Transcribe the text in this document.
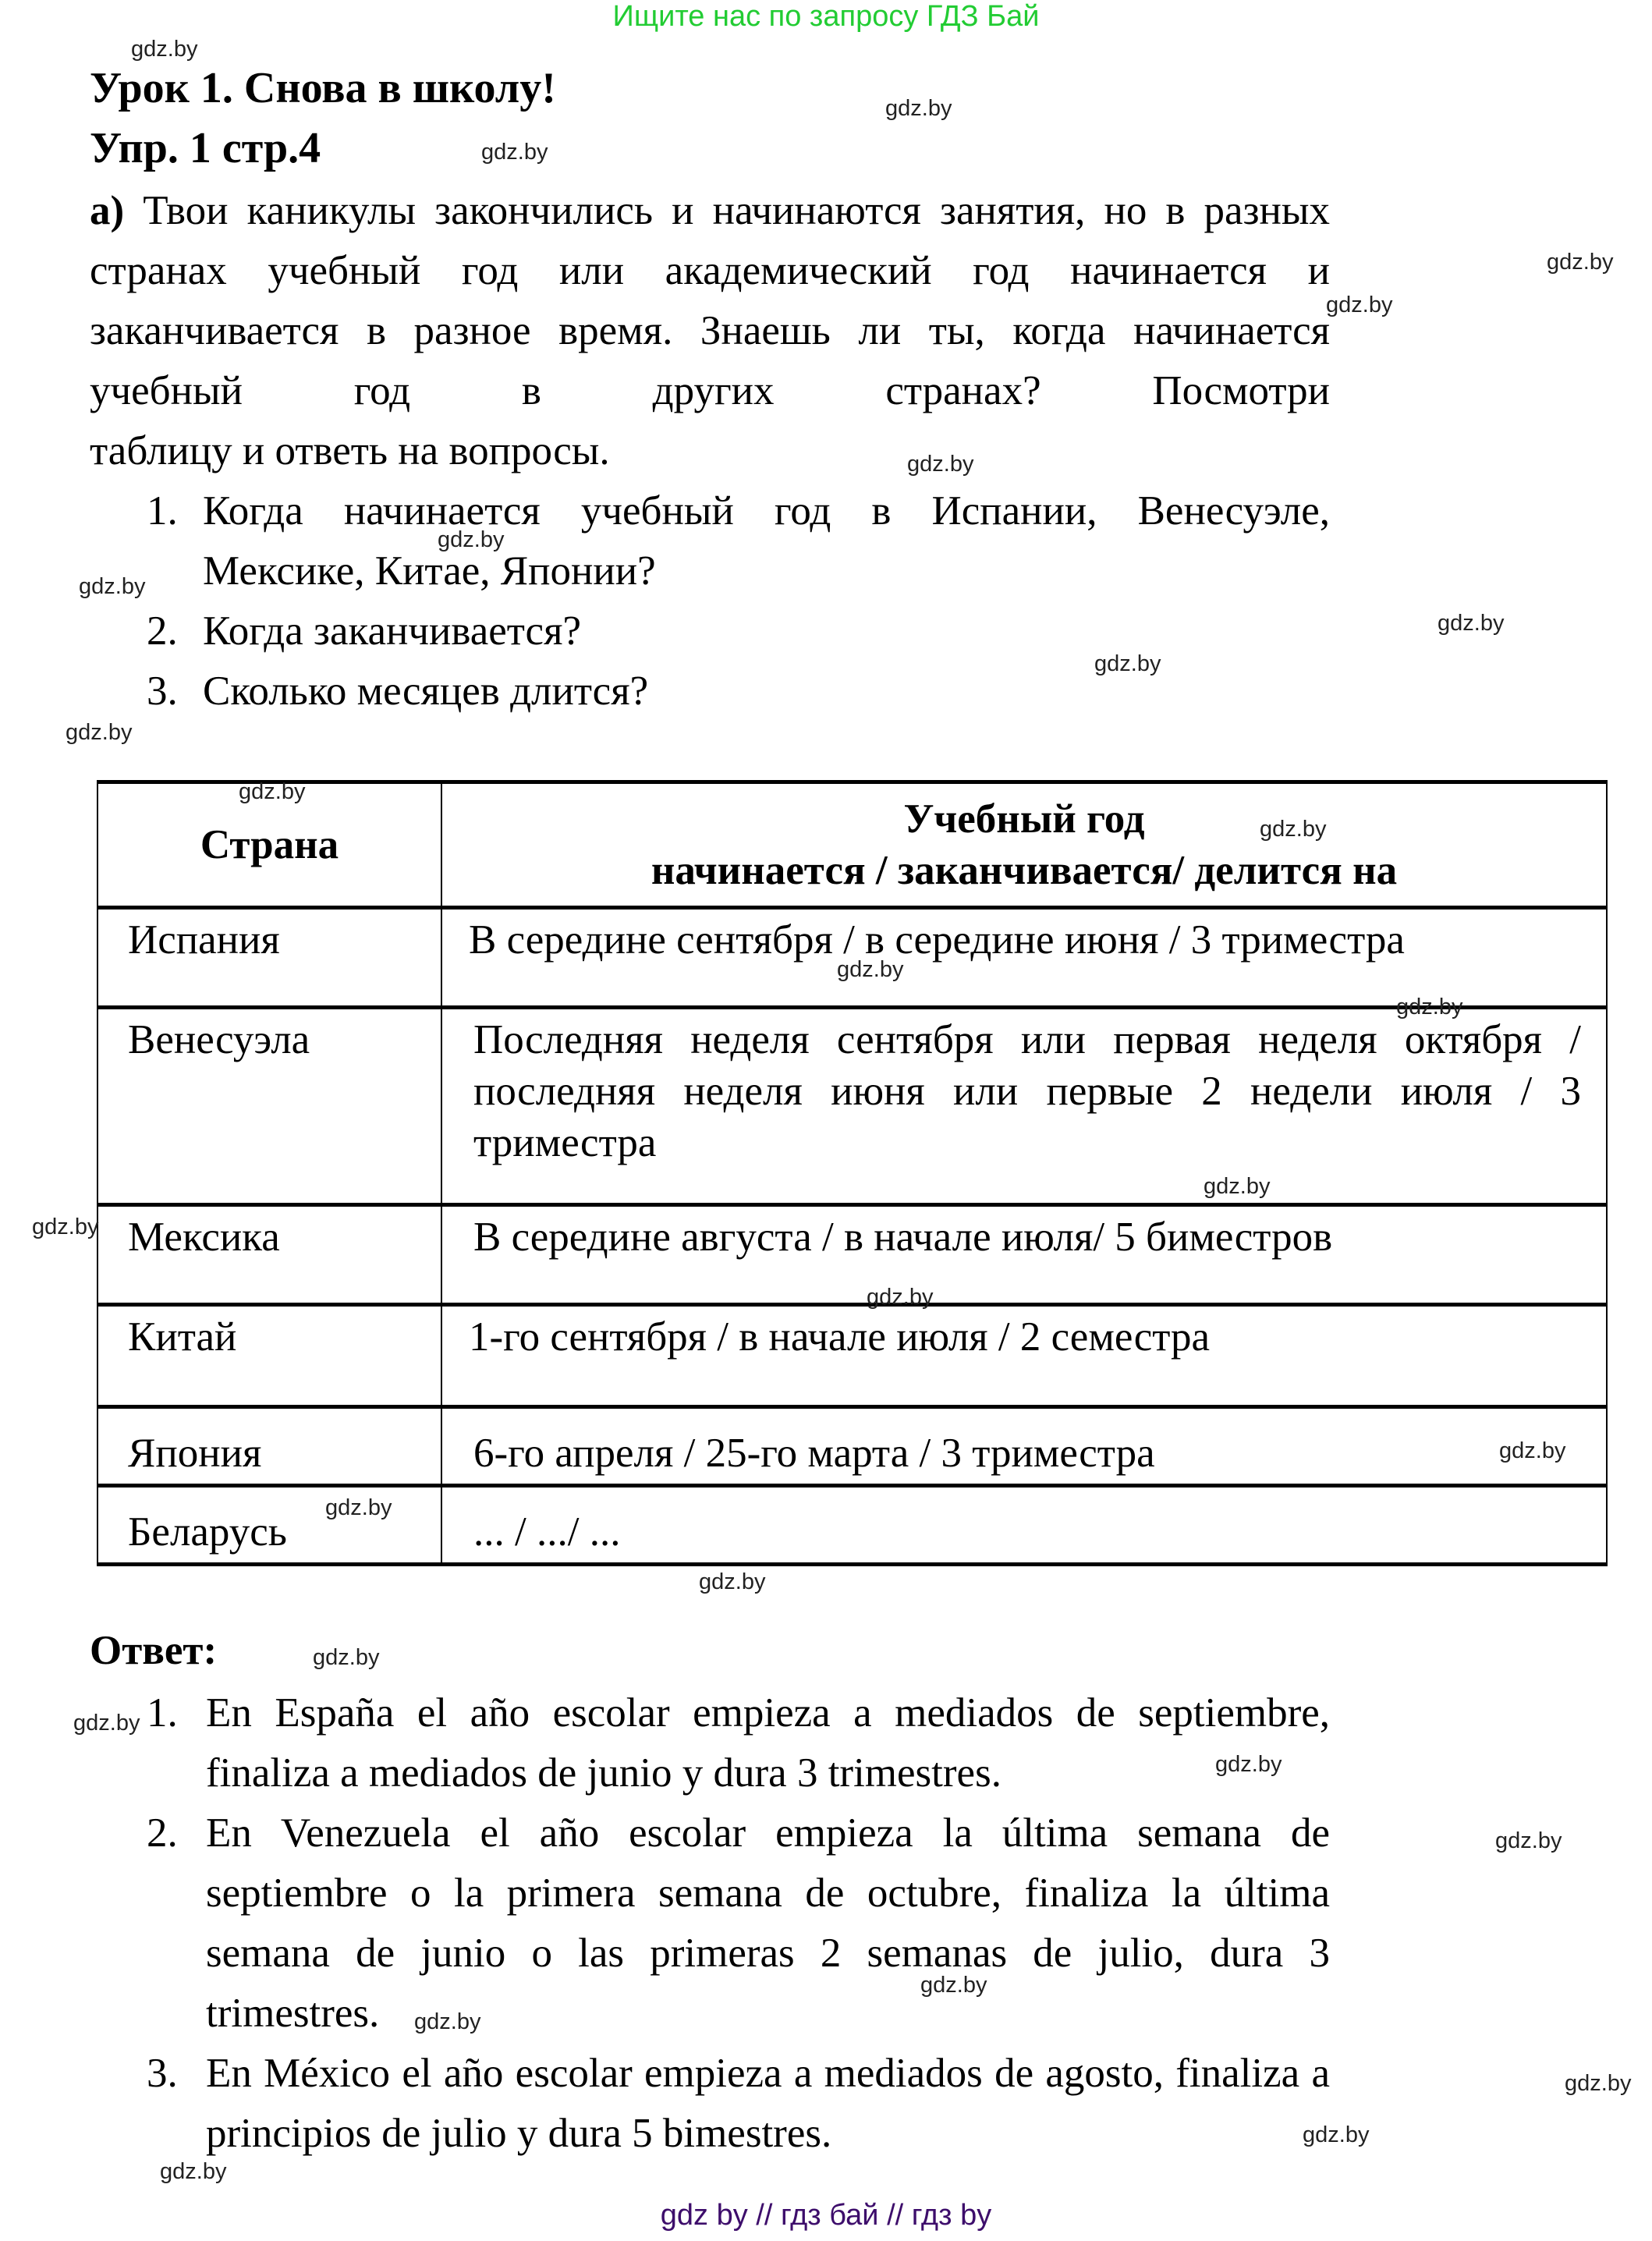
Ищите нас по запросу ГДЗ Бай
Урок 1. Снова в школу!
Упр. 1 стр.4
а) Твои каникулы закончились и начинаются занятия, но в разных странах учебный год или академический год начинается и заканчивается в разное время. Знаешь ли ты, когда начинается учебный год в других странах? Посмотри
таблицу и ответь на вопросы.
1. Когда начинается учебный год в Испании, Венесуэле,
Мексике, Китае, Японии?
2. Когда заканчивается?
3. Сколько месяцев длится?
Страна	Учебный год
начинается / заканчивается/ делится на

Испания	В середине сентября / в середине июня / 3 триместра
Венесуэла	Последняя неделя сентября или первая неделя октября / последняя неделя июня или первые 2 недели июля / 3 триместра
Мексика	В середине августа / в начале июля/ 5 биместров
Китай	1-го сентября / в начале июля / 2 семестра
Япония	6-го апреля / 25-го марта / 3 триместра
Беларусь	... / .../ ...
Ответ:
1. En España el año escolar empieza a mediados de septiembre, finaliza a mediados de junio y dura 3 trimestres.
2. En Venezuela el año escolar empieza la última semana de septiembre o la primera semana de octubre, finaliza la última semana de junio o las primeras 2 semanas de julio, dura 3 trimestres.
3. En México el año escolar empieza a mediados de agosto, finaliza a principios de julio y dura 5 bimestres.
gdz.by
gdz.by
gdz.by
gdz.by
gdz.by
gdz.by
gdz.by
gdz.by
gdz.by
gdz.by
gdz.by
gdz.by
gdz.by
gdz.by
gdz.by
gdz.by
gdz.by
gdz.by
gdz.by
gdz.by
gdz.by
gdz.by
gdz.by
gdz.by
gdz.by
gdz.by
gdz.by
gdz.by
gdz.by
gdz.by
gdz by // гдз бай // гдз by
